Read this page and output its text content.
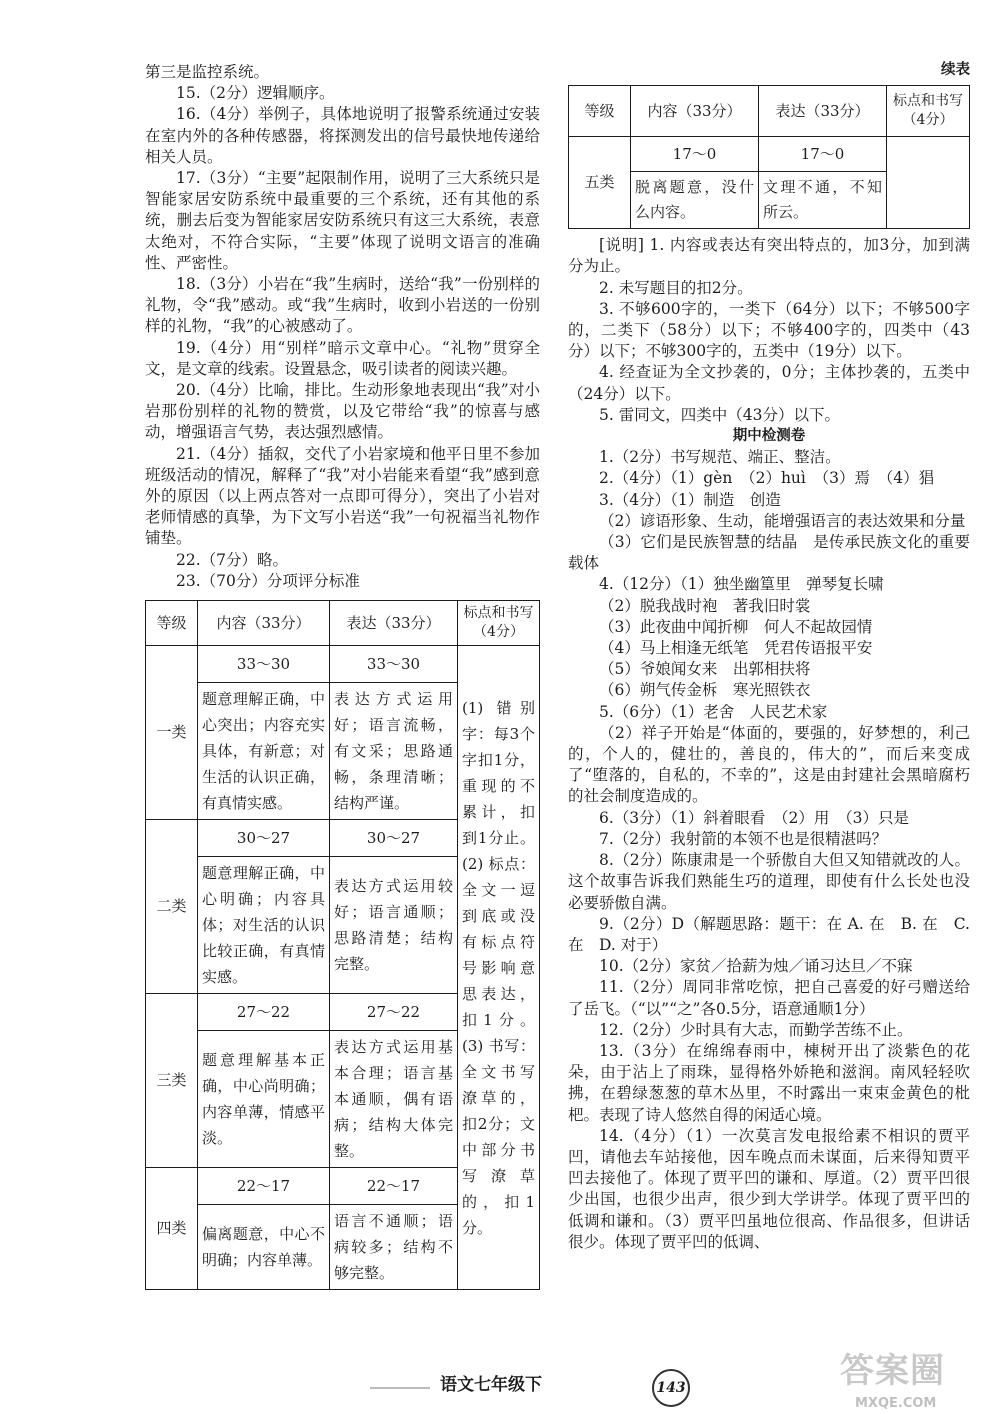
第三是监控系统。

15.（2分）逻辑顺序。

16.（4分）举例子，具体地说明了报警系统通过安装在室内外的各种传感器，将探测发出的信号最快地传递给相关人员。

17.（3分）“主要”起限制作用，说明了三大系统只是智能家居安防系统中最重要的三个系统，还有其他的系统，删去后变为智能家居安防系统只有这三大系统，表意太绝对，不符合实际，“主要”体现了说明文语言的准确性、严密性。

18.（3分）小岩在“我”生病时，送给“我”一份别样的礼物，令“我”感动。或“我”生病时，收到小岩送的一份别样的礼物，“我”的心被感动了。

19.（4分）用“别样”暗示文章中心。“礼物”贯穿全文，是文章的线索。设置悬念，吸引读者的阅读兴趣。

20.（4分）比喻，排比。生动形象地表现出“我”对小岩那份别样的礼物的赞赏，以及它带给“我”的惊喜与感动，增强语言气势，表达强烈感情。

21.（4分）插叙，交代了小岩家境和他平日里不参加班级活动的情况，解释了“我”对小岩能来看望“我”感到意外的原因（以上两点答对一点即可得分），突出了小岩对老师情感的真挚，为下文写小岩送“我”一句祝福当礼物作铺垫。

22.（7分）略。

23.（70分）分项评分标准

等级	内容（33分）	表达（33分）	标点和书写（4分）
一类	33～30	33～30	(1) 错别字：每3个字扣1分，重现的不累计，扣到1分止。(2) 标点：全文一逗到底或没有标点符号影响意思表达，扣1分。(3) 书写：全文书写潦草的，扣2分；文中部分书写潦草的，扣1分。
	题意理解正确，中心突出；内容充实具体，有新意；对生活的认识正确，有真情实感。	表达方式运用好；语言流畅，有文采；思路通畅，条理清晰；结构严谨。	
二类	30～27	30～27	
	题意理解正确，中心明确；内容具体；对生活的认识比较正确，有真情实感。	表达方式运用较好；语言通顺；思路清楚；结构完整。	
三类	27～22	27～22	
	题意理解基本正确，中心尚明确；内容单薄，情感平淡。	表达方式运用基本合理；语言基本通顺，偶有语病；结构大体完整。	
四类	22～17	22～17	
	偏离题意，中心不明确；内容单薄。	语言不通顺；语病较多；结构不够完整。	

续表

等级	内容（33分）	表达（33分）	标点和书写（4分）
五类	17～0	17～0	
	脱离题意，没什么内容。	文理不通，不知所云。	

[说明] 1. 内容或表达有突出特点的，加3分，加到满分为止。

2. 未写题目的扣2分。

3. 不够600字的，一类下（64分）以下；不够500字的，二类下（58分）以下；不够400字的，四类中（43分）以下；不够300字的，五类中（19分）以下。

4. 经查证为全文抄袭的，0分；主体抄袭的，五类中（24分）以下。

5. 雷同文，四类中（43分）以下。

期中检测卷

1.（2分）书写规范、端正、整洁。

2.（4分）（1）gèn　（2）huì　（3）焉　（4）猖

3.（4分）（1）制造　创造

（2）谚语形象、生动，能增强语言的表达效果和分量

（3）它们是民族智慧的结晶　是传承民族文化的重要载体

4.（12分）（1）独坐幽篁里　弹琴复长啸

（2）脱我战时袍　著我旧时裳

（3）此夜曲中闻折柳　何人不起故园情

（4）马上相逢无纸笔　凭君传语报平安

（5）爷娘闻女来　出郭相扶将

（6）朔气传金柝　寒光照铁衣

5.（6分）（1）老舍　人民艺术家

（2）祥子开始是“体面的，要强的，好梦想的，利己的，个人的，健壮的，善良的，伟大的”，而后来变成了“堕落的，自私的，不幸的”，这是由封建社会黑暗腐朽的社会制度造成的。

6.（3分）（1）斜着眼看　（2）用　（3）只是

7.（2分）我射箭的本领不也是很精湛吗？

8.（2分）陈康肃是一个骄傲自大但又知错就改的人。这个故事告诉我们熟能生巧的道理，即使有什么长处也没必要骄傲自满。

9.（2分）D（解题思路：题干：在 A. 在　B. 在　C. 在　D. 对于）

10.（2分）家贫／拾薪为烛／诵习达旦／不寐

11.（2分）周同非常吃惊，把自己喜爱的好弓赠送给了岳飞。（“以”“之”各0.5分，语意通顺1分）

12.（2分）少时具有大志，而勤学苦练不止。

13.（3分）在绵绵春雨中，棟树开出了淡紫色的花朵，由于沾上了雨珠，显得格外娇艳和滋润。南风轻轻吹拂，在碧绿葱葱的草木丛里，不时露出一束束金黄色的枇杷。表现了诗人悠然自得的闲适心境。

14.（4分）（1）一次莫言发电报给素不相识的贾平凹，请他去车站接他，因车晚点而未谋面，后来得知贾平凹去接他了。体现了贾平凹的谦和、厚道。（2）贾平凹很少出国，也很少出声，很少到大学讲学。体现了贾平凹的低调和谦和。（3）贾平凹虽地位很高、作品很多，但讲话很少。体现了贾平凹的低调、

语文七年级下	143	答案圈
MXQE.COM
